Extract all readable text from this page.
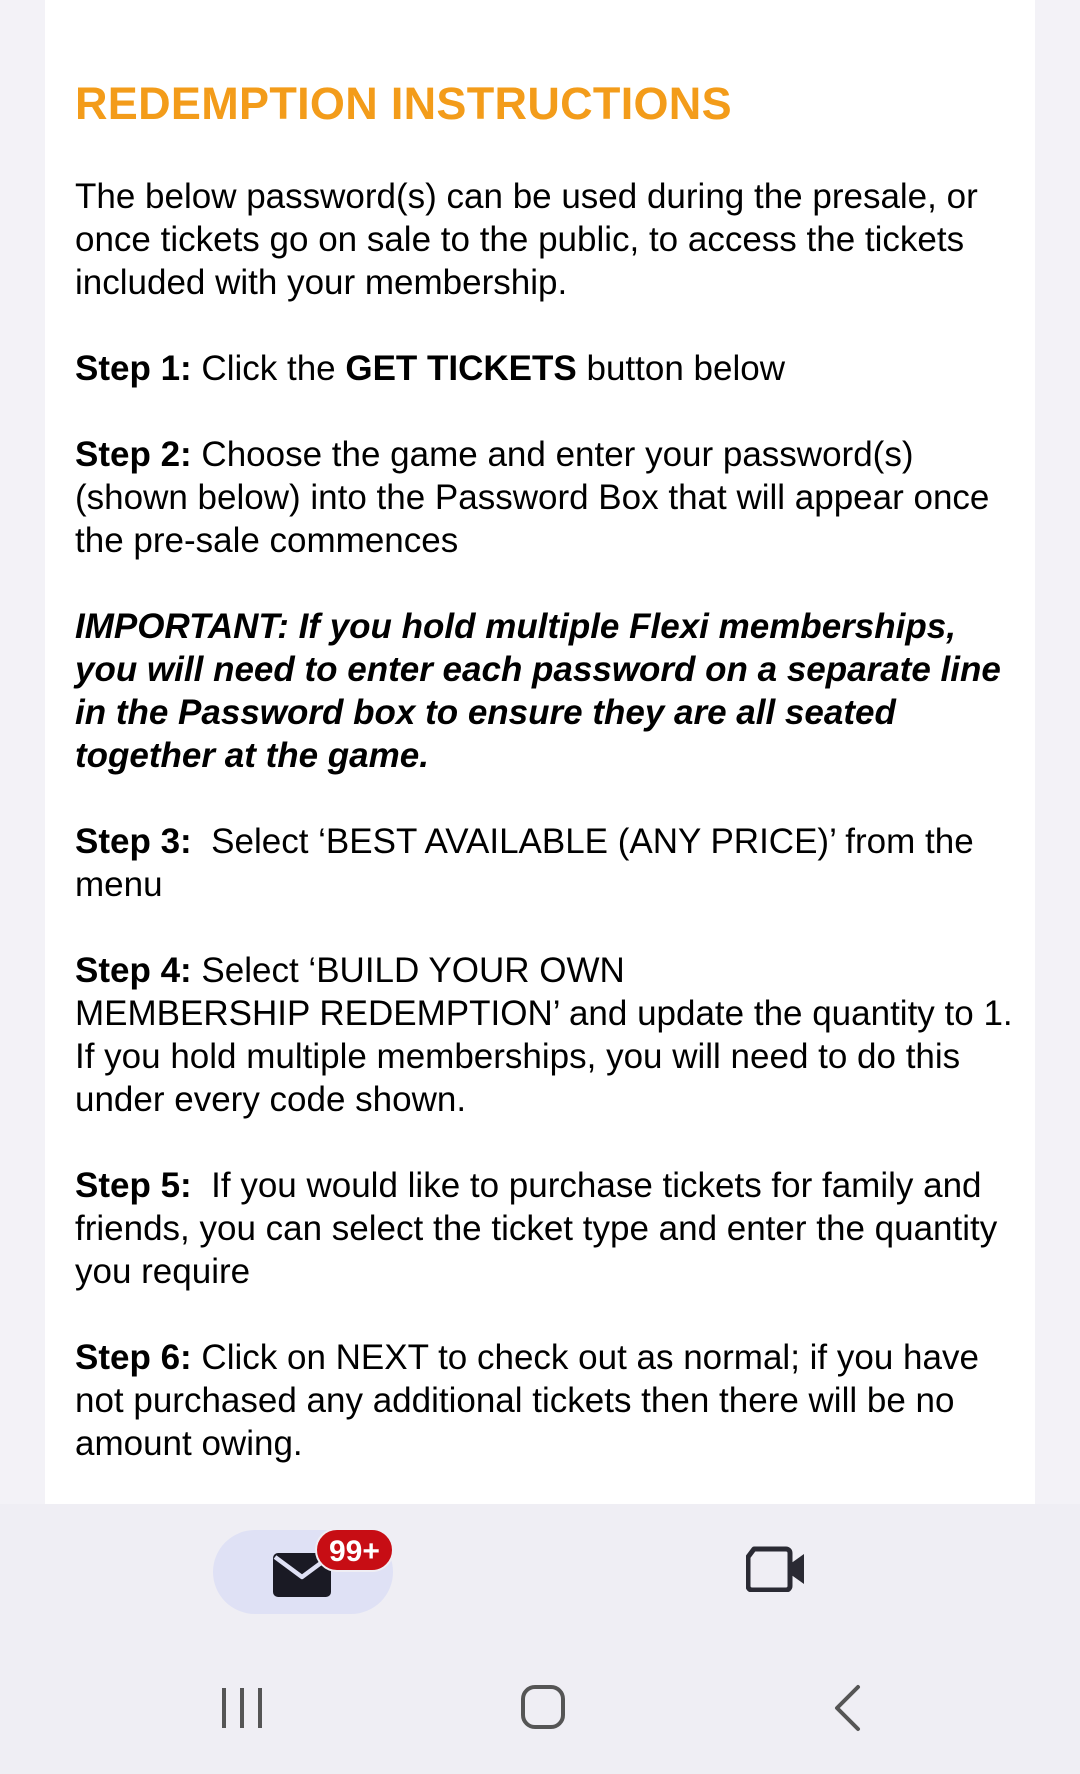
REDEMPTION INSTRUCTIONS

The below password(s) can be used during the presale, or once tickets go on sale to the public, to access the tickets included with your membership.

Step 1: Click the GET TICKETS button below

Step 2: Choose the game and enter your password(s) (shown below) into the Password Box that will appear once the pre-sale commences

IMPORTANT: If you hold multiple Flexi memberships, you will need to enter each password on a separate line in the Password box to ensure they are all seated together at the game.

Step 3:  Select ‘BEST AVAILABLE (ANY PRICE)’ from the menu

Step 4: Select ‘BUILD YOUR OWN
MEMBERSHIP REDEMPTION’ and update the quantity to 1. If you hold multiple memberships, you will need to do this under every code shown.

Step 5:  If you would like to purchase tickets for family and friends, you can select the ticket type and enter the quantity you require

Step 6: Click on NEXT to check out as normal; if you have not purchased any additional tickets then there will be no amount owing.

99+
